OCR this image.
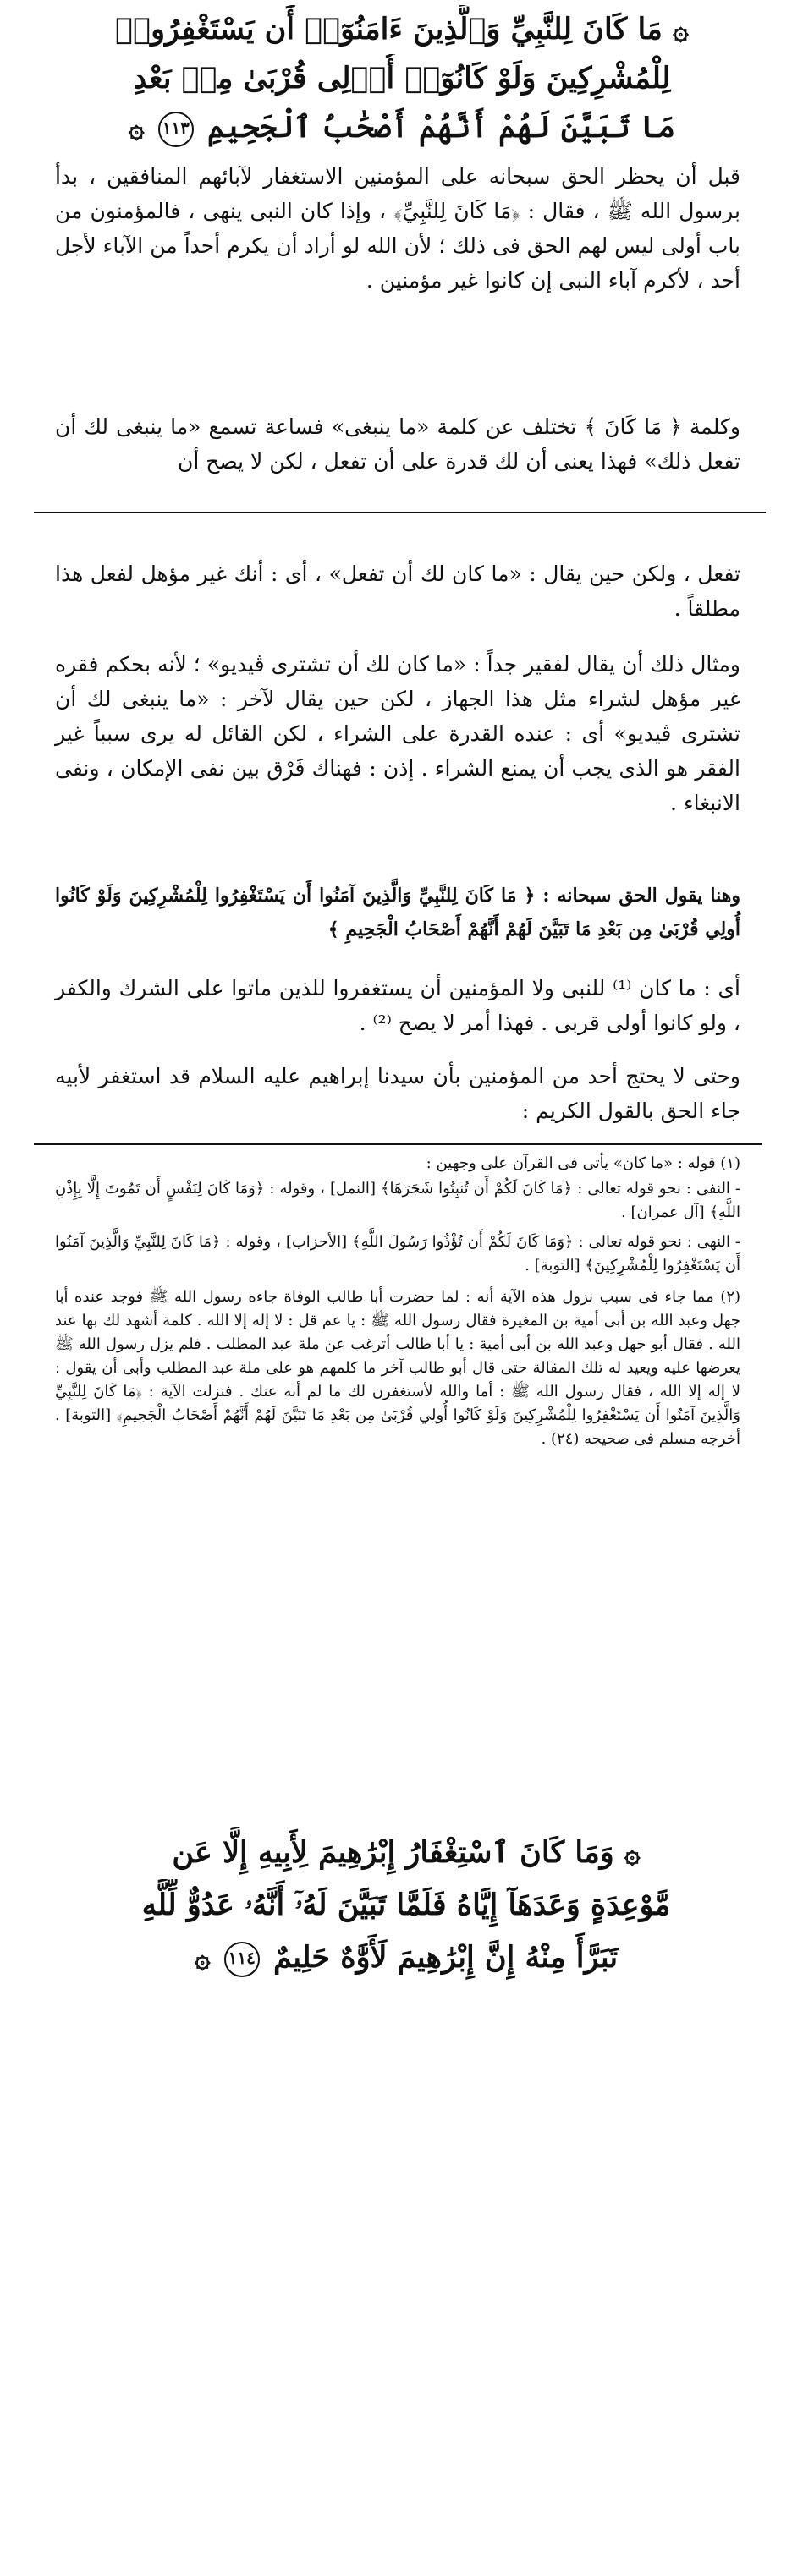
۞ مَا كَانَ لِلنَّبِيِّ وَٱلَّذِينَ ءَامَنُوٓا۟ أَن يَسْتَغْفِرُوا۟
لِلْمُشْرِكِينَ وَلَوْ كَانُوٓا۟ أُو۟لِى قُرْبَىٰ مِنۢ بَعْدِ
مَا تَبَيَّنَ لَهُمْ أَنَّهُمْ أَصْحَٰبُ ٱلْجَحِيمِ ١١٣ ۞

قبل أن يحظر الحق سبحانه على المؤمنين الاستغفار لآبائهم المنافقين ، بدأ برسول الله ﷺ ، فقال : ﴿مَا كَانَ لِلنَّبِيِّ﴾ ، وإذا كان النبى ينهى ، فالمؤمنون من باب أولى ليس لهم الحق فى ذلك ؛ لأن الله لو أراد أن يكرم أحداً من الآباء لأجل أحد ، لأكرم آباء النبى إن كانوا غير مؤمنين .

وكلمة ﴿ مَا كَانَ ﴾ تختلف عن كلمة «ما ينبغى» فساعة تسمع «ما ينبغى لك أن تفعل ذلك» فهذا يعنى أن لك قدرة على أن تفعل ، لكن لا يصح أن

تفعل ، ولكن حين يقال : «ما كان لك أن تفعل» ، أى : أنك غير مؤهل لفعل هذا مطلقاً .

ومثال ذلك أن يقال لفقير جداً : «ما كان لك أن تشترى ڤيديو» ؛ لأنه بحكم فقره غير مؤهل لشراء مثل هذا الجهاز ، لكن حين يقال لآخر : «ما ينبغى لك أن تشترى ڤيديو» أى : عنده القدرة على الشراء ، لكن القائل له يرى سبباً غير الفقر هو الذى يجب أن يمنع الشراء . إذن : فهناك فَرْق بين نفى الإمكان ، ونفى الانبغاء .

وهنا يقول الحق سبحانه : ﴿ مَا كَانَ لِلنَّبِيِّ وَالَّذِينَ آمَنُوا أَن يَسْتَغْفِرُوا لِلْمُشْرِكِينَ وَلَوْ كَانُوا أُولِي قُرْبَىٰ مِن بَعْدِ مَا تَبَيَّنَ لَهُمْ أَنَّهُمْ أَصْحَابُ الْجَحِيمِ ﴾

أى : ما كان ⁽¹⁾ للنبى ولا المؤمنين أن يستغفروا للذين ماتوا على الشرك والكفر ، ولو كانوا أولى قربى . فهذا أمر لا يصح ⁽²⁾ .

وحتى لا يحتج أحد من المؤمنين بأن سيدنا إبراهيم عليه السلام قد استغفر لأبيه جاء الحق بالقول الكريم :

(١) قوله : «ما كان» يأتى فى القرآن على وجهين :

- النفى : نحو قوله تعالى : ﴿مَا كَانَ لَكُمْ أَن تُنبِتُوا شَجَرَهَا﴾ [النمل] ، وقوله : ﴿وَمَا كَانَ لِنَفْسٍ أَن تَمُوتَ إِلَّا بِإِذْنِ اللَّهِ﴾ [آل عمران] .

- النهى : نحو قوله تعالى : ﴿وَمَا كَانَ لَكُمْ أَن تُؤْذُوا رَسُولَ اللَّهِ﴾ [الأحزاب] ، وقوله : ﴿مَا كَانَ لِلنَّبِيِّ وَالَّذِينَ آمَنُوا أَن يَسْتَغْفِرُوا لِلْمُشْرِكِينَ﴾ [التوبة] .

(٢) مما جاء فى سبب نزول هذه الآية أنه : لما حضرت أبا طالب الوفاة جاءه رسول الله ﷺ فوجد عنده أبا جهل وعبد الله بن أبى أمية بن المغيرة فقال رسول الله ﷺ : يا عم قل : لا إله إلا الله . كلمة أشهد لك بها عند الله . فقال أبو جهل وعبد الله بن أبى أمية : يا أبا طالب أترغب عن ملة عبد المطلب . فلم يزل رسول الله ﷺ يعرضها عليه ويعيد له تلك المقالة حتى قال أبو طالب آخر ما كلمهم هو على ملة عبد المطلب وأبى أن يقول : لا إله إلا الله ، فقال رسول الله ﷺ : أما والله لأستغفرن لك ما لم أنه عنك . فنزلت الآية : ﴿مَا كَانَ لِلنَّبِيِّ وَالَّذِينَ آمَنُوا أَن يَسْتَغْفِرُوا لِلْمُشْرِكِينَ وَلَوْ كَانُوا أُولِي قُرْبَىٰ مِن بَعْدِ مَا تَبَيَّنَ لَهُمْ أَنَّهُمْ أَصْحَابُ الْجَحِيمِ﴾ [التوبة] . أخرجه مسلم فى صحيحه (٢٤) .

۞ وَمَا كَانَ ٱسْتِغْفَارُ إِبْرَٰهِيمَ لِأَبِيهِ إِلَّا عَن
مَّوْعِدَةٍ وَعَدَهَآ إِيَّاهُ فَلَمَّا تَبَيَّنَ لَهُۥٓ أَنَّهُۥ عَدُوٌّ لِّلَّهِ
تَبَرَّأَ مِنْهُ إِنَّ إِبْرَٰهِيمَ لَأَوَّٰهٌ حَلِيمٌ ١١٤ ۞
